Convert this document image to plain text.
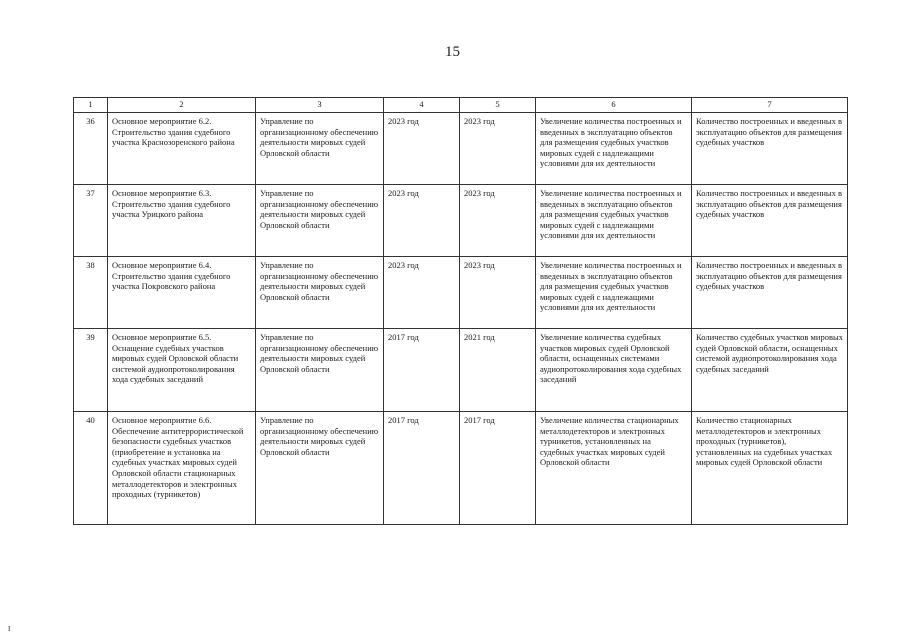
15
1	2	3	4	5	6	7
36	Основное мероприятие 6.2. Строительство здания судебного участка Краснозоренского района	Управление по организационному обеспечению деятельности мировых судей Орловской области	2023 год	2023 год	Увеличение количества построенных и введенных в эксплуатацию объектов для размещения судебных участков мировых судей с надлежащими условиями для их деятельности	Количество построенных и введенных в эксплуатацию объектов для размещения судебных участков
37	Основное мероприятие 6.3. Строительство здания судебного участка Урицкого района	Управление по организационному обеспечению деятельности мировых судей Орловской области	2023 год	2023 год	Увеличение количества построенных и введенных в эксплуатацию объектов для размещения судебных участков мировых судей с надлежащими условиями для их деятельности	Количество построенных и введенных в эксплуатацию объектов для размещения судебных участков
38	Основное мероприятие 6.4. Строительство здания судебного участка Покровского района	Управление по организационному обеспечению деятельности мировых судей Орловской области	2023 год	2023 год	Увеличение количества построенных и введенных в эксплуатацию объектов для размещения судебных участков мировых судей с надлежащими условиями для их деятельности	Количество построенных и введенных в эксплуатацию объектов для размещения судебных участков
39	Основное мероприятие 6.5. Оснащение судебных участков мировых судей Орловской области системой аудиопротоколирования хода судебных заседаний	Управление по организационному обеспечению деятельности мировых судей Орловской области	2017 год	2021 год	Увеличение количества судебных участков мировых судей Орловской области, оснащенных системами аудиопротоколирования хода судебных заседаний	Количество судебных участков мировых судей Орловской области, оснащенных системой аудиопротоколирования хода судебных заседаний
40	Основное мероприятие 6.6. Обеспечение антитеррористической безопасности судебных участков (приобретение и установка на судебных участках мировых судей Орловской области стационарных металлодетекторов и электронных проходных (турникетов)	Управление по организационному обеспечению деятельности мировых судей Орловской области	2017 год	2017 год	Увеличение количества стационарных металлодетекторов и электронных турникетов, установленных на судебных участках мировых судей Орловской области	Количество стационарных металлодетекторов и электронных проходных (турникетов), установленных на судебных участках мировых судей Орловской области
I
